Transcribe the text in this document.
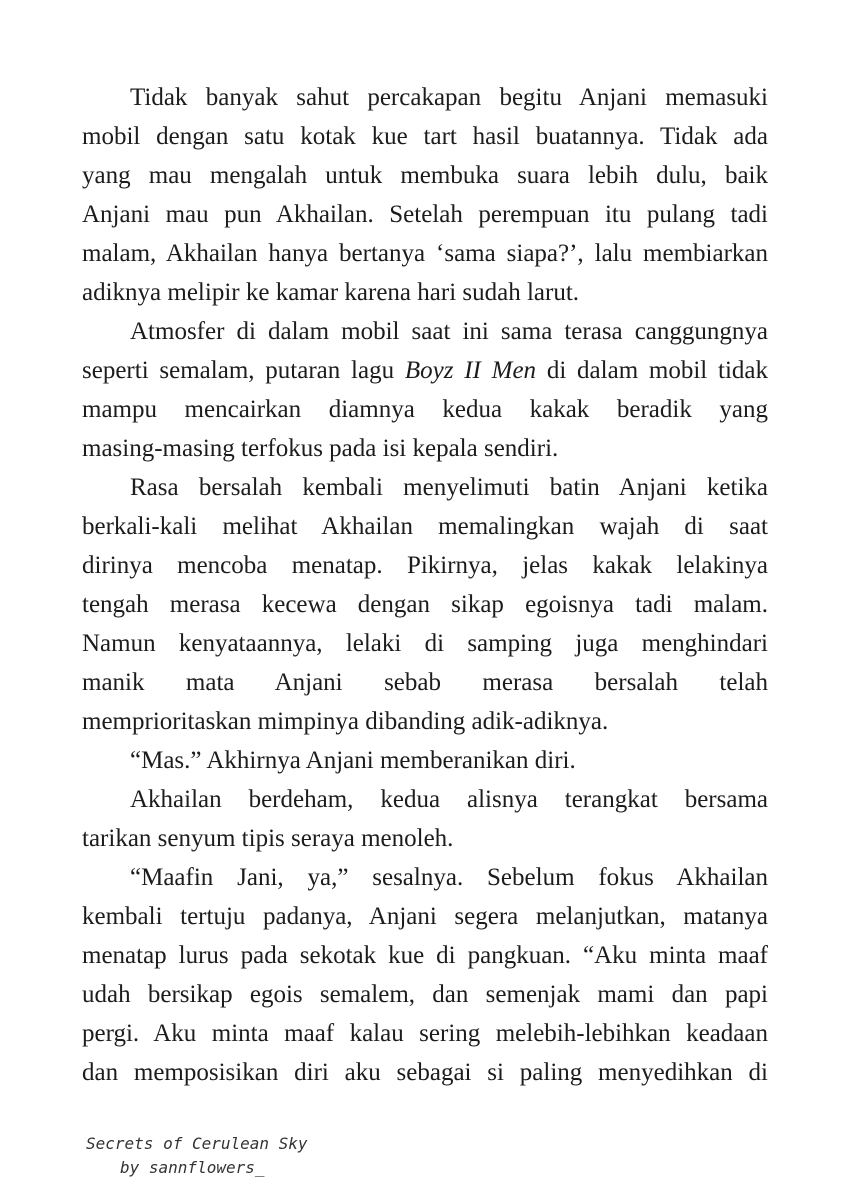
Tidak banyak sahut percakapan begitu Anjani memasuki
mobil dengan satu kotak kue tart hasil buatannya. Tidak ada
yang mau mengalah untuk membuka suara lebih dulu, baik
Anjani mau pun Akhailan. Setelah perempuan itu pulang tadi
malam, Akhailan hanya bertanya ‘sama siapa?’, lalu membiarkan
adiknya melipir ke kamar karena hari sudah larut.
Atmosfer di dalam mobil saat ini sama terasa canggungnya
seperti semalam, putaran lagu Boyz II Men di dalam mobil tidak
mampu mencairkan diamnya kedua kakak beradik yang
masing-masing terfokus pada isi kepala sendiri.
Rasa bersalah kembali menyelimuti batin Anjani ketika
berkali-kali melihat Akhailan memalingkan wajah di saat
dirinya mencoba menatap. Pikirnya, jelas kakak lelakinya
tengah merasa kecewa dengan sikap egoisnya tadi malam.
Namun kenyataannya, lelaki di samping juga menghindari
manik mata Anjani sebab merasa bersalah telah
memprioritaskan mimpinya dibanding adik-adiknya.
“Mas.” Akhirnya Anjani memberanikan diri.
Akhailan berdeham, kedua alisnya terangkat bersama
tarikan senyum tipis seraya menoleh.
“Maafin Jani, ya,” sesalnya. Sebelum fokus Akhailan
kembali tertuju padanya, Anjani segera melanjutkan, matanya
menatap lurus pada sekotak kue di pangkuan. “Aku minta maaf
udah bersikap egois semalem, dan semenjak mami dan papi
pergi. Aku minta maaf kalau sering melebih-lebihkan keadaan
dan memposisikan diri aku sebagai si paling menyedihkan di
Secrets of Cerulean Sky
by sannflowers_
